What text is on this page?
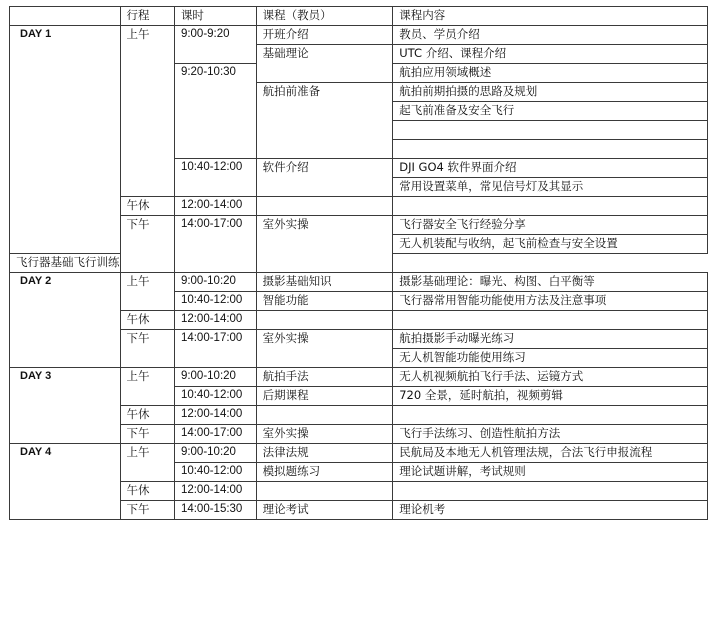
	行程	课时	课程（教员）	课程内容
DAY 1	上午	9:00-9:20	开班介绍	教员、学员介绍
			基础理论	UTC 介绍、课程介绍
		9:20-10:30		航拍应用领域概述
			航拍前准备	航拍前期拍摄的思路及规划
				起飞前准备及安全飞行

		10:40-12:00	软件介绍	DJI GO4 软件界面介绍
				常用设置菜单，常见信号灯及其显示
	午休	12:00-14:00		
	下午	14:00-17:00	室外实操	飞行器安全飞行经验分享
				无人机装配与收纳，起飞前检查与安全设置
飞行器基础飞行训练				
DAY 2	上午	9:00-10:20	摄影基础知识	摄影基础理论：曝光、构图、白平衡等

		10:40-12:00	智能功能	飞行器常用智能功能使用方法及注意事项

	午休	12:00-14:00		
	下午	14:00-17:00	室外实操	航拍摄影手动曝光练习
				无人机智能功能使用练习
DAY 3	上午	9:00-10:20	航拍手法	无人机视频航拍飞行手法、运镜方式

		10:40-12:00	后期课程	720 全景，延时航拍，视频剪辑

	午休	12:00-14:00		
	下午	14:00-17:00	室外实操	飞行手法练习、创造性航拍方法

DAY 4	上午	9:00-10:20	法律法规	民航局及本地无人机管理法规，合法飞行申报流程

		10:40-12:00	模拟题练习	理论试题讲解，考试规则

	午休	12:00-14:00		
	下午	14:00-15:30	理论考试	理论机考
